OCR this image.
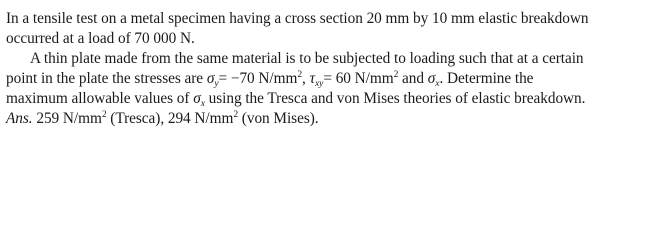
In a tensile test on a metal specimen having a cross section 20 mm by 10 mm elastic breakdown
occurred at a load of 70 000 N.
A thin plate made from the same material is to be subjected to loading such that at a certain
point in the plate the stresses are $\sigma_y= -70$ $N/mm^2$, $\tau_{xy}= 60$ $N/mm^2$ and $\sigma_x$. Determine the
maximum allowable values of $\sigma_x$ using the Tresca and von Mises theories of elastic breakdown.
Ans. 259 $N/mm^2$ (Tresca), 294 $N/mm^2$ (von Mises).
